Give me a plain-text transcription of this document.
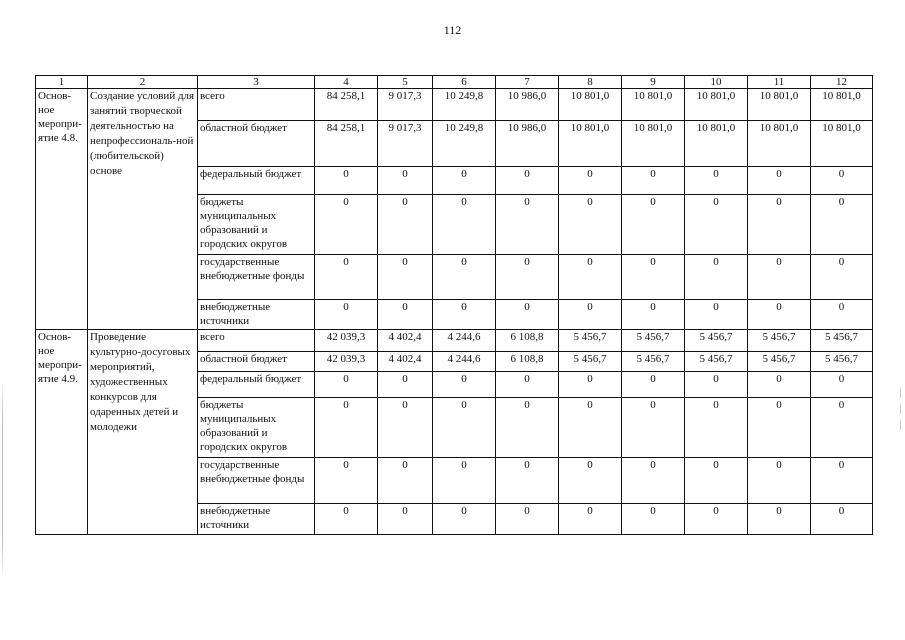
112
1	2	3	4	5	6	7	8	9	10	11	12
Основ-ное меропри-ятие 4.8.	Создание условий для занятий творческой деятельностью на непрофессиональ-ной (любительской) основе	всего	84 258,1	9 017,3	10 249,8	10 986,0	10 801,0	10 801,0	10 801,0	10 801,0	10 801,0
		областной бюджет	84 258,1	9 017,3	10 249,8	10 986,0	10 801,0	10 801,0	10 801,0	10 801,0	10 801,0
		федеральный бюджет	0	0	0	0	0	0	0	0	0
		бюджеты муниципальных образований и городских округов	0	0	0	0	0	0	0	0	0
		государственные внебюджетные фонды	0	0	0	0	0	0	0	0	0
		внебюджетные источники	0	0	0	0	0	0	0	0	0
Основ-ное меропри-ятие 4.9.	Проведение культурно-досуговых мероприятий, художественных конкурсов для одаренных детей и молодежи	всего	42 039,3	4 402,4	4 244,6	6 108,8	5 456,7	5 456,7	5 456,7	5 456,7	5 456,7
		областной бюджет	42 039,3	4 402,4	4 244,6	6 108,8	5 456,7	5 456,7	5 456,7	5 456,7	5 456,7
		федеральный бюджет	0	0	0	0	0	0	0	0	0
		бюджеты муниципальных образований и городских округов	0	0	0	0	0	0	0	0	0
		государственные внебюджетные фонды	0	0	0	0	0	0	0	0	0
		внебюджетные источники	0	0	0	0	0	0	0	0	0
